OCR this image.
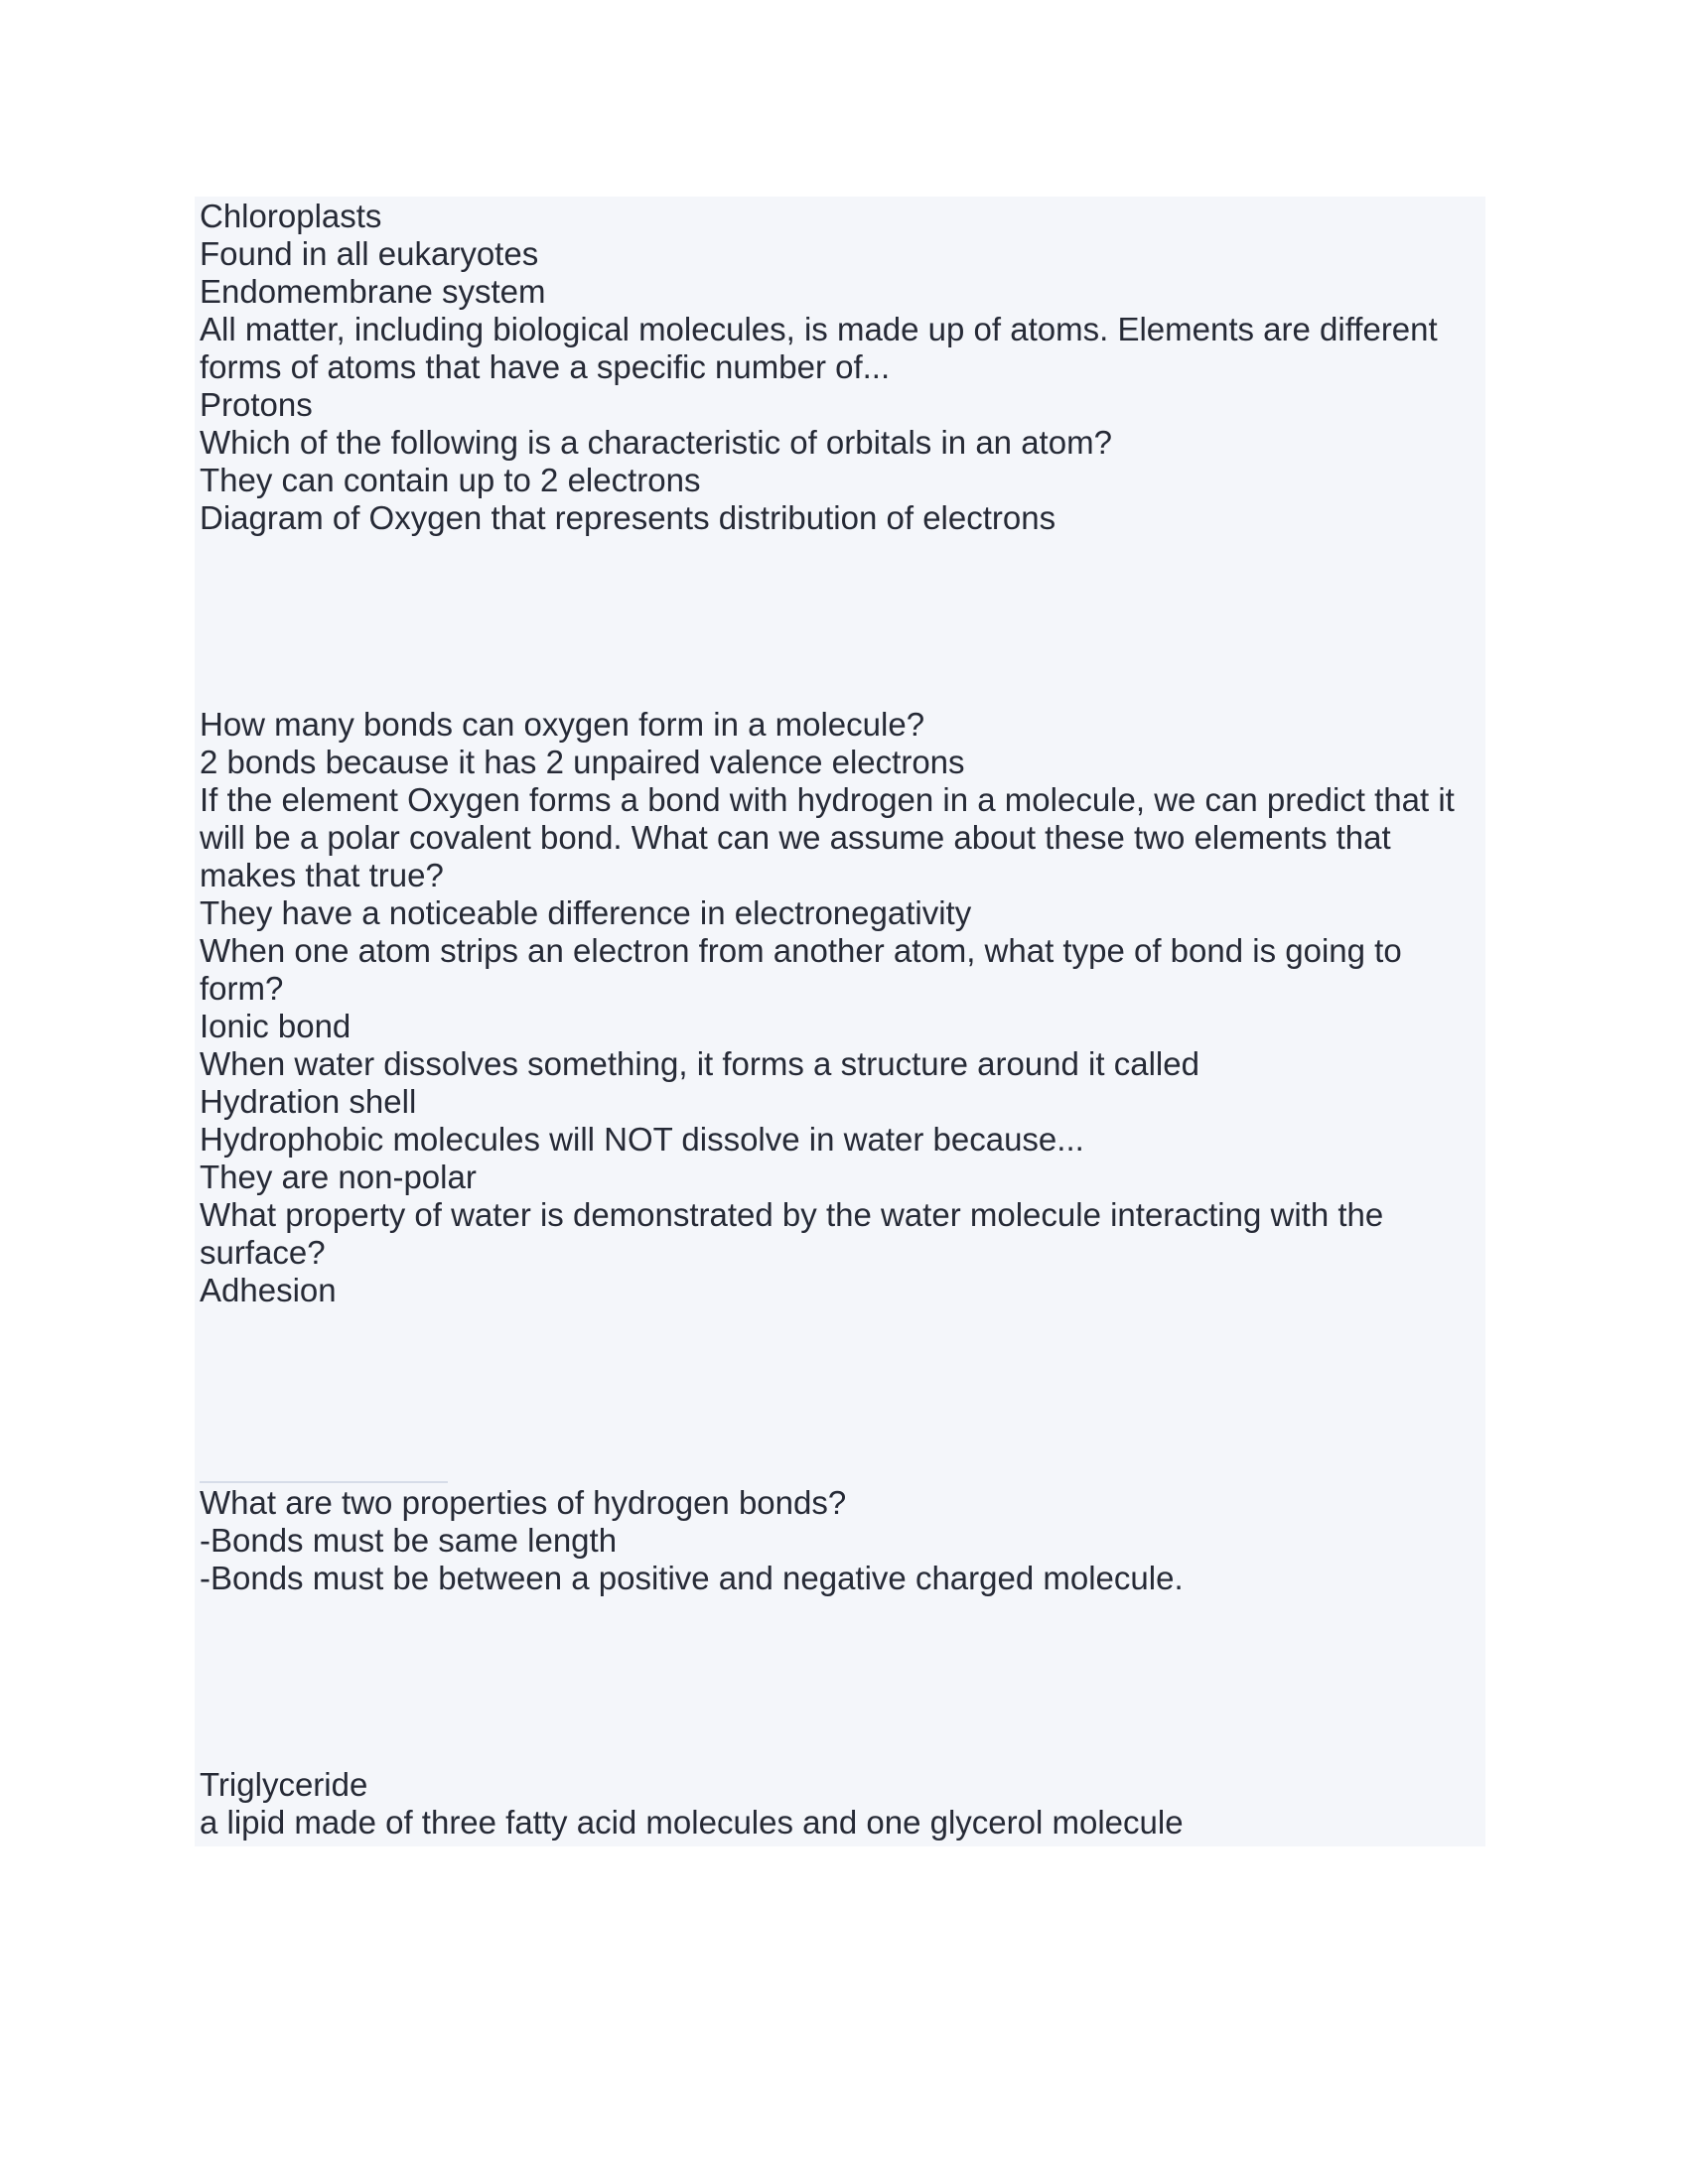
Chloroplasts

Found in all eukaryotes

Endomembrane system

All matter, including biological molecules, is made up of atoms. Elements are different

forms of atoms that have a specific number of...

Protons

Which of the following is a characteristic of orbitals in an atom?

They can contain up to 2 electrons

Diagram of Oxygen that represents distribution of electrons

How many bonds can oxygen form in a molecule?

2 bonds because it has 2 unpaired valence electrons

If the element Oxygen forms a bond with hydrogen in a molecule, we can predict that it

will be a polar covalent bond. What can we assume about these two elements that

makes that true?

They have a noticeable difference in electronegativity

When one atom strips an electron from another atom, what type of bond is going to

form?

Ionic bond

When water dissolves something, it forms a structure around it called

Hydration shell

Hydrophobic molecules will NOT dissolve in water because...

They are non-polar

What property of water is demonstrated by the water molecule interacting with the

surface?

Adhesion

What are two properties of hydrogen bonds?

-Bonds must be same length

-Bonds must be between a positive and negative charged molecule.

Triglyceride

a lipid made of three fatty acid molecules and one glycerol molecule
